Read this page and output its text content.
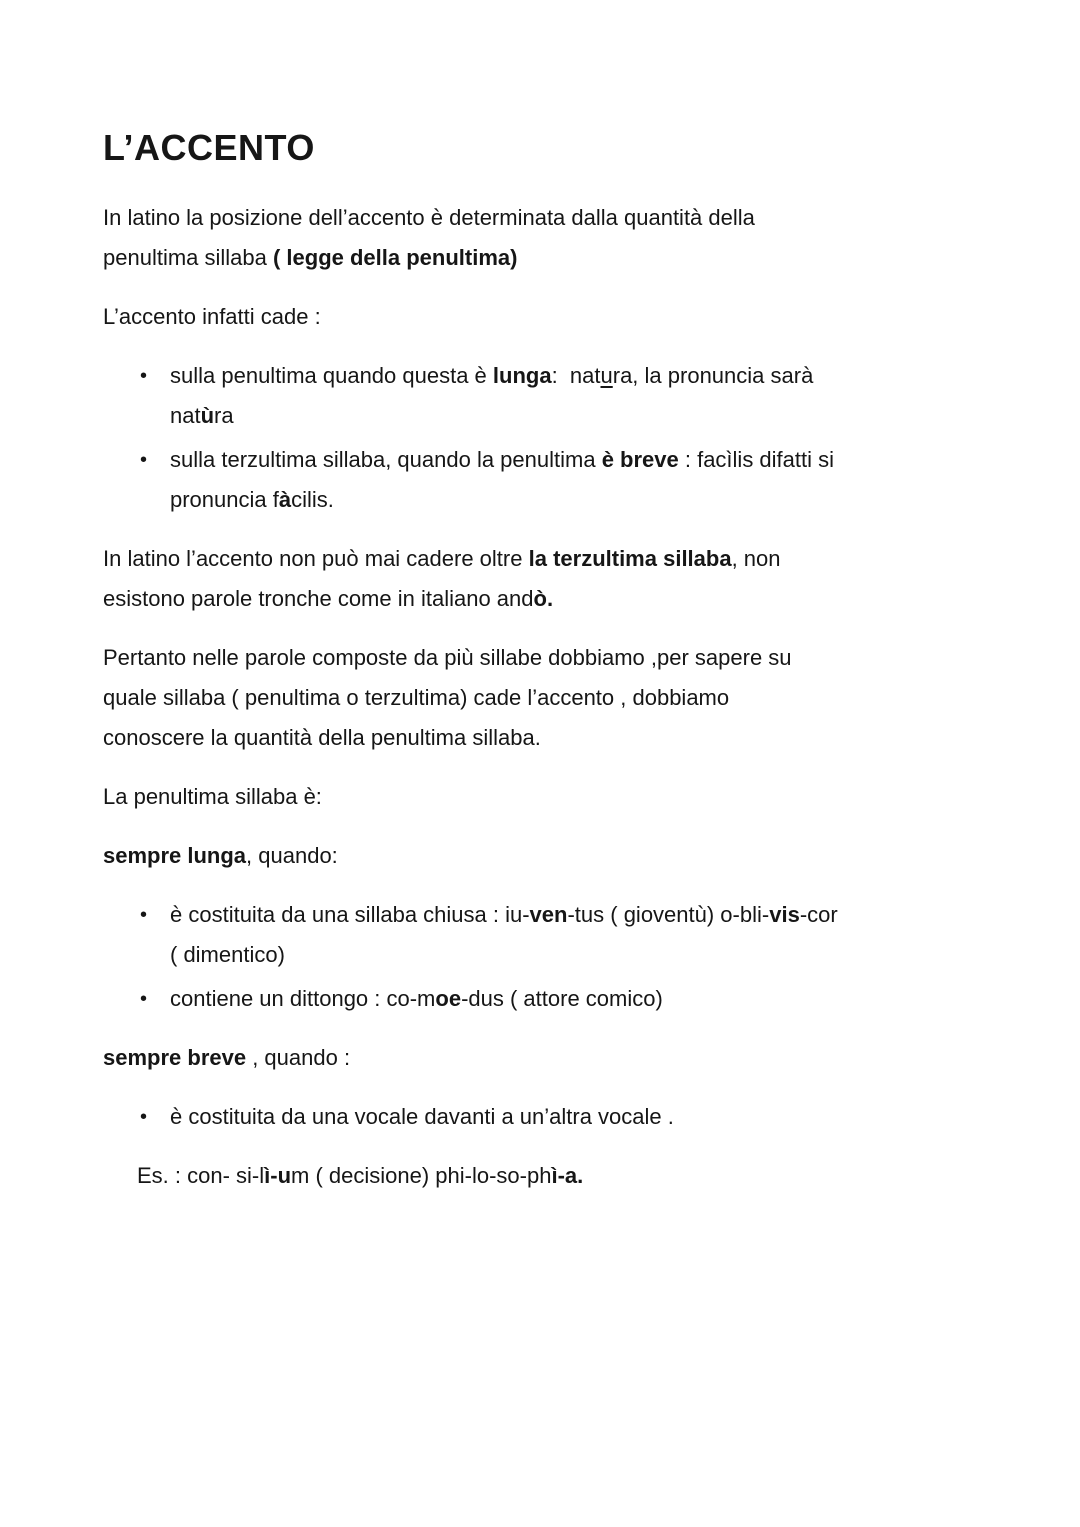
L’ACCENTO

In latino la posizione dell’accento è determinata dalla quantità della
penultima sillaba ( legge della penultima)

L’accento infatti cade :

•	sulla penultima quando questa è lunga:  natura, la pronuncia sarà
natùra
•	sulla terzultima sillaba, quando la penultima è breve : facìlis difatti si
pronuncia fàcilis.

In latino l’accento non può mai cadere oltre la terzultima sillaba, non
esistono parole tronche come in italiano andò.

Pertanto nelle parole composte da più sillabe dobbiamo ,per sapere su
quale sillaba ( penultima o terzultima) cade l’accento , dobbiamo
conoscere la quantità della penultima sillaba.

La penultima sillaba è:

sempre lunga, quando:

•	è costituita da una sillaba chiusa : iu-ven-tus ( gioventù) o-bli-vis-cor
( dimentico)
•	contiene un dittongo : co-moe-dus ( attore comico)

sempre breve , quando :

•	è costituita da una vocale davanti a un’altra vocale .

Es. : con- si-lì-um ( decisione) phi-lo-so-phì-a.
